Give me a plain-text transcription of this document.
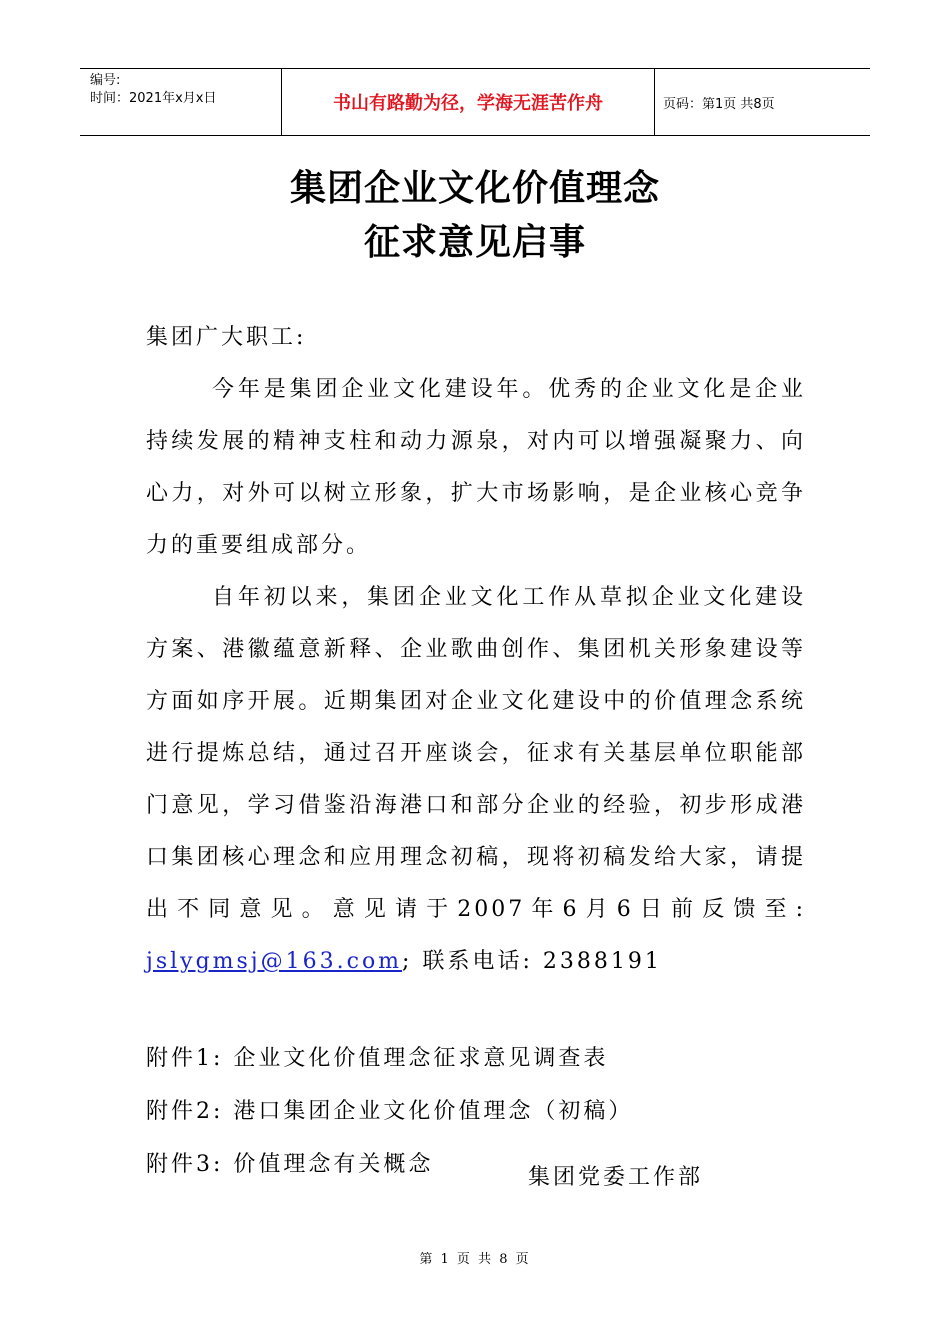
编号:
时间：2021年x月x日	书山有路勤为径，学海无涯苦作舟	页码：第1页 共8页
集团企业文化价值理念
征求意见启事

集团广大职工:

今年是集团企业文化建设年。优秀的企业文化是企业持续发展的精神支柱和动力源泉，对内可以增强凝聚力、向心力，对外可以树立形象，扩大市场影响，是企业核心竞争力的重要组成部分。

自年初以来，集团企业文化工作从草拟企业文化建设方案、港徽蕴意新释、企业歌曲创作、集团机关形象建设等方面如序开展。近期集团对企业文化建设中的价值理念系统进行提炼总结，通过召开座谈会，征求有关基层单位职能部门意见，学习借鉴沿海港口和部分企业的经验，初步形成港口集团核心理念和应用理念初稿，现将初稿发给大家，请提出不同意见。意见请于2007年6月6日前反馈至: jslygmsj@163.com; 联系电话: 2388191

附件1: 企业文化价值理念征求意见调查表

附件2: 港口集团企业文化价值理念（初稿）

附件3: 价值理念有关概念

集团党委工作部
第 1 页 共 8 页
